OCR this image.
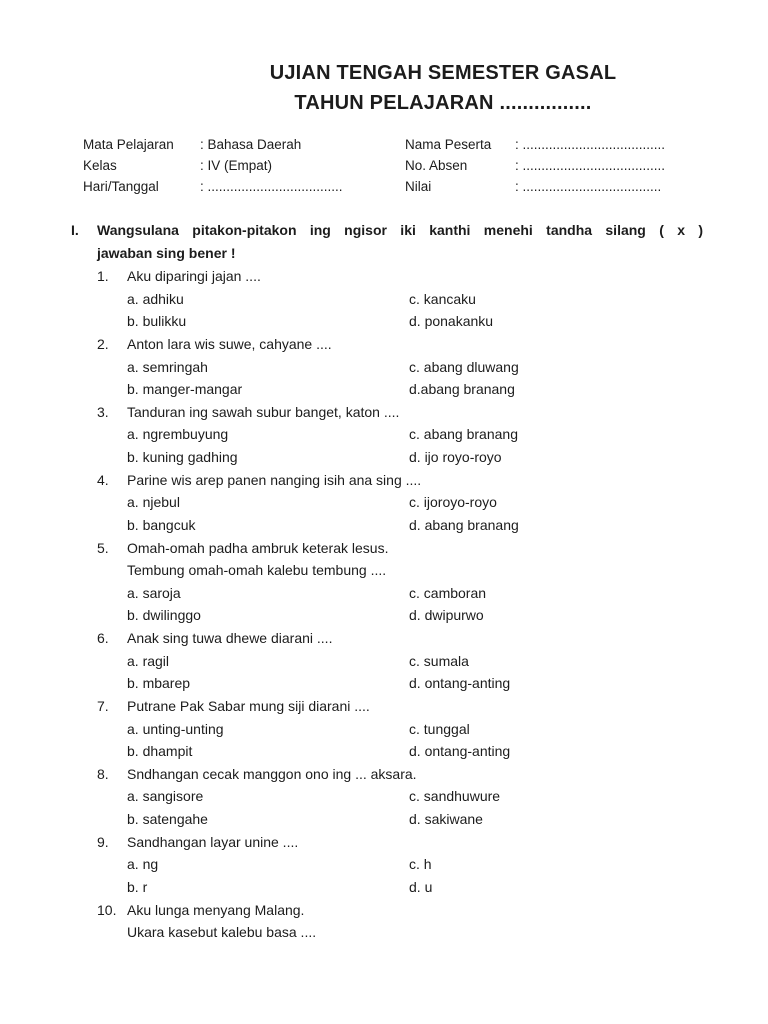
UJIAN TENGAH SEMESTER GASAL
TAHUN PELAJARAN ................
Mata Pelajaran	: Bahasa Daerah	Nama Peserta	: ......................................
Kelas	: IV (Empat)	No. Absen	: ......................................
Hari/Tanggal	: ....................................	Nilai	: .....................................
I.	Wangsulana pitakon-pitakon ing ngisor iki kanthi menehi tandha silang ( x )
jawaban sing bener !
1.	Aku diparingi jajan ....
a. adhiku	c. kancaku
b. bulikku	d. ponakanku
2.	Anton lara wis suwe, cahyane ....
a. semringah	c. abang dluwang
b. manger-mangar	d.abang branang
3.	Tanduran ing sawah subur banget, katon ....
a. ngrembuyung	c. abang branang
b. kuning gadhing	d. ijo royo-royo
4.	Parine wis arep panen nanging isih ana sing ....
a. njebul	c. ijoroyo-royo
b. bangcuk	d. abang branang
5.	Omah-omah padha ambruk keterak lesus.
Tembung omah-omah kalebu tembung ....
a. saroja	c. camboran
b. dwilinggo	d. dwipurwo
6.	Anak sing tuwa dhewe diarani ....
a. ragil	c. sumala
b. mbarep	d. ontang-anting
7.	Putrane Pak Sabar mung siji diarani ....
a. unting-unting	c. tunggal
b. dhampit	d. ontang-anting
8.	Sndhangan cecak manggon ono ing ... aksara.
a. sangisore	c. sandhuwure
b. satengahe	d. sakiwane
9.	Sandhangan layar unine ....
a. ng	c. h
b. r	d. u
10. Aku lunga menyang Malang.
Ukara kasebut kalebu basa ....
